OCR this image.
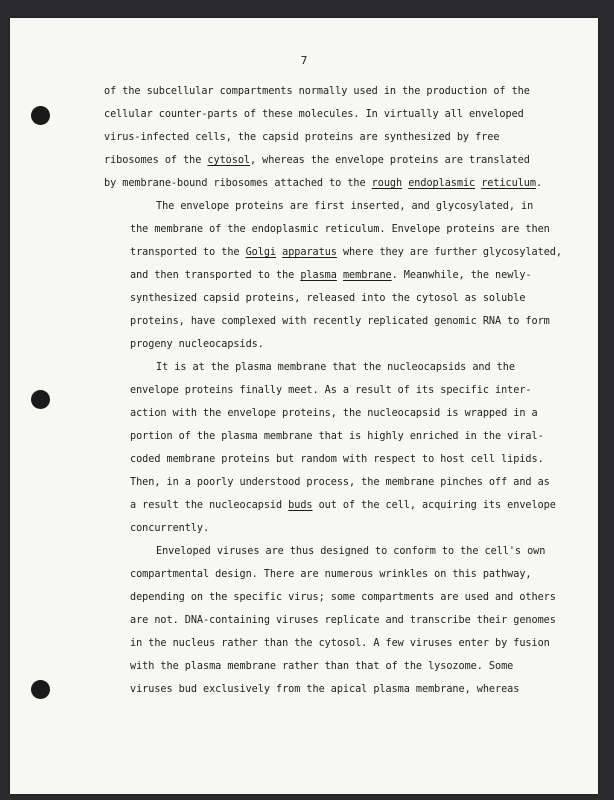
7
of the subcellular compartments normally used in the production of the
cellular counter-parts of these molecules. In virtually all enveloped
virus-infected cells, the capsid proteins are synthesized by free
ribosomes of the cytosol, whereas the envelope proteins are translated
by membrane-bound ribosomes attached to the rough endoplasmic reticulum.
The envelope proteins are first inserted, and glycosylated, in
the membrane of the endoplasmic reticulum. Envelope proteins are then
transported to the Golgi apparatus where they are further glycosylated,
and then transported to the plasma membrane. Meanwhile, the newly-
synthesized capsid proteins, released into the cytosol as soluble
proteins, have complexed with recently replicated genomic RNA to form
progeny nucleocapsids.
It is at the plasma membrane that the nucleocapsids and the
envelope proteins finally meet. As a result of its specific inter-
action with the envelope proteins, the nucleocapsid is wrapped in a
portion of the plasma membrane that is highly enriched in the viral-
coded membrane proteins but random with respect to host cell lipids.
Then, in a poorly understood process, the membrane pinches off and as
a result the nucleocapsid buds out of the cell, acquiring its envelope
concurrently.
Enveloped viruses are thus designed to conform to the cell's own
compartmental design. There are numerous wrinkles on this pathway,
depending on the specific virus; some compartments are used and others
are not. DNA-containing viruses replicate and transcribe their genomes
in the nucleus rather than the cytosol. A few viruses enter by fusion
with the plasma membrane rather than that of the lysozome. Some
viruses bud exclusively from the apical plasma membrane, whereas
